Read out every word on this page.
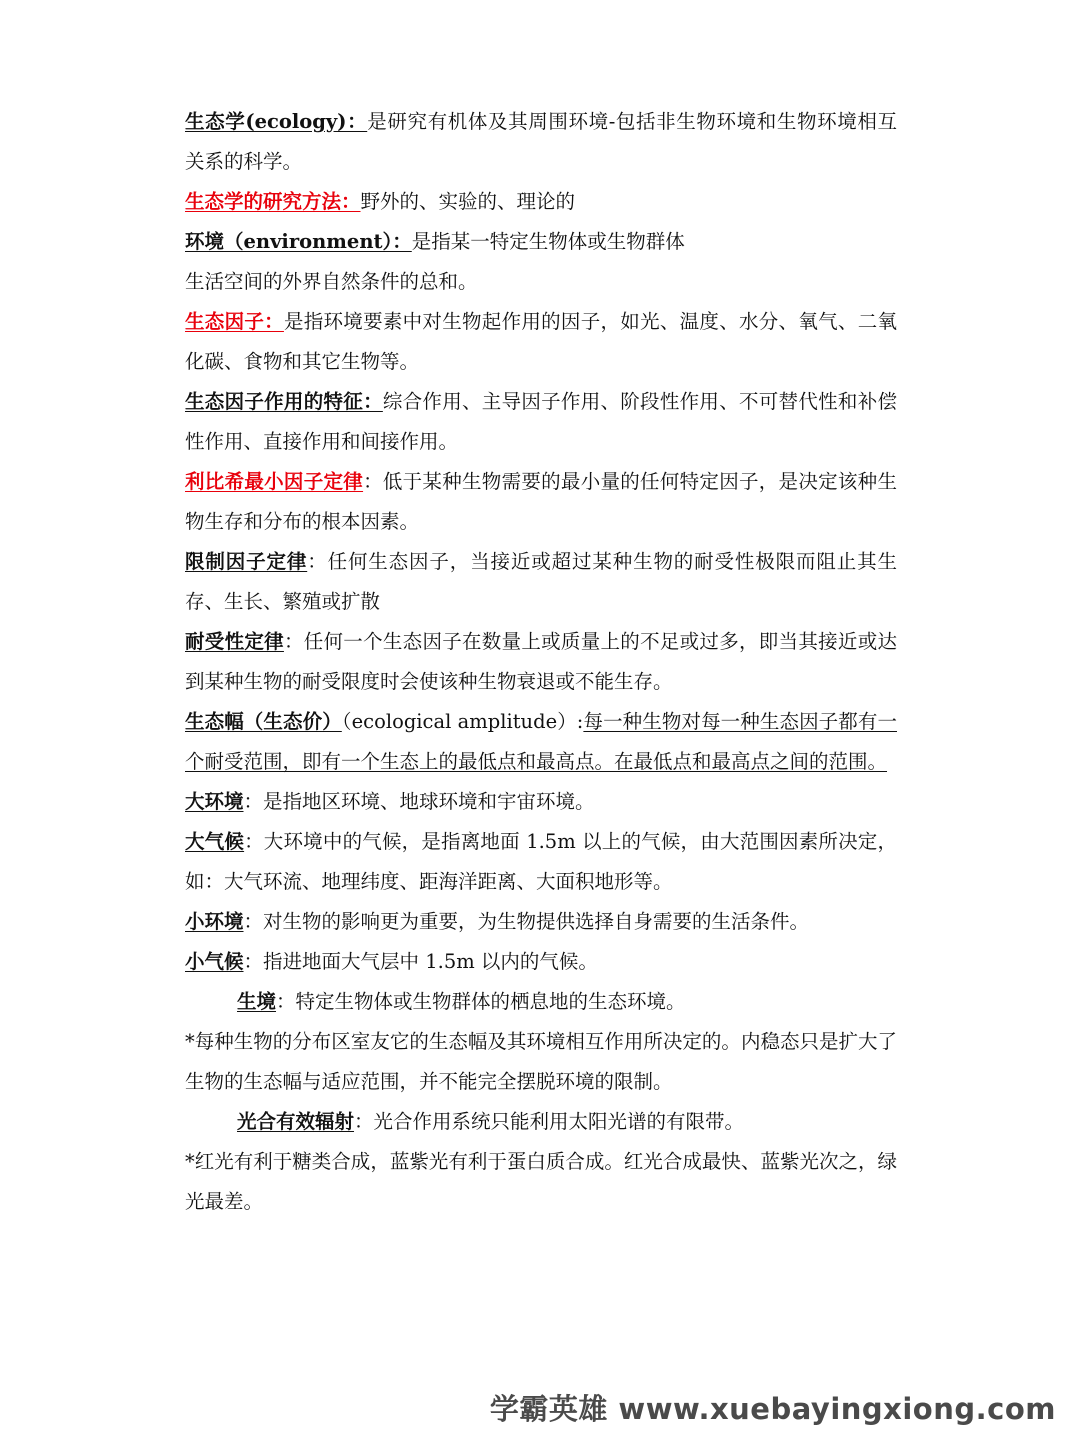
生态学(ecology)：是研究有机体及其周围环境-包括非生物环境和生物环境相互关系的科学。

生态学的研究方法：野外的、实验的、理论的

环境（environment）：是指某一特定生物体或生物群体

生活空间的外界自然条件的总和。

生态因子：是指环境要素中对生物起作用的因子，如光、温度、水分、氧气、二氧化碳、食物和其它生物等。

生态因子作用的特征：综合作用、主导因子作用、阶段性作用、不可替代性和补偿性作用、直接作用和间接作用。

利比希最小因子定律：低于某种生物需要的最小量的任何特定因子，是决定该种生物生存和分布的根本因素。

限制因子定律：任何生态因子，当接近或超过某种生物的耐受性极限而阻止其生存、生长、繁殖或扩散

耐受性定律：任何一个生态因子在数量上或质量上的不足或过多，即当其接近或达到某种生物的耐受限度时会使该种生物衰退或不能生存。

生态幅（生态价）（ecological amplitude）:每一种生物对每一种生态因子都有一个耐受范围，即有一个生态上的最低点和最高点。在最低点和最高点之间的范围。

大环境：是指地区环境、地球环境和宇宙环境。

大气候：大环境中的气候，是指离地面 1.5m 以上的气候，由大范围因素所决定，如：大气环流、地理纬度、距海洋距离、大面积地形等。

小环境：对生物的影响更为重要，为生物提供选择自身需要的生活条件。

小气候：指进地面大气层中 1.5m 以内的气候。

生境：特定生物体或生物群体的栖息地的生态环境。

*每种生物的分布区室友它的生态幅及其环境相互作用所决定的。内稳态只是扩大了生物的生态幅与适应范围，并不能完全摆脱环境的限制。

光合有效辐射：光合作用系统只能利用太阳光谱的有限带。

*红光有利于糖类合成，蓝紫光有利于蛋白质合成。红光合成最快、蓝紫光次之，绿光最差。

学霸英雄 www.xuebayingxiong.com
